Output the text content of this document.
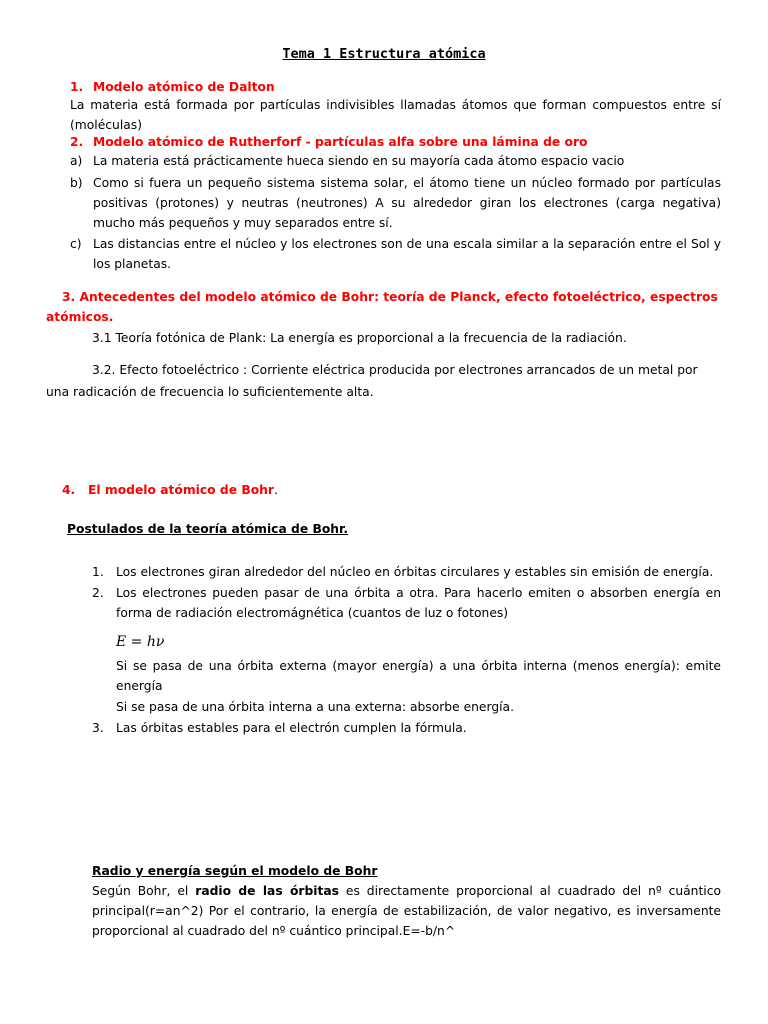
Tema 1 Estructura atómica
1. Modelo atómico de Dalton
La materia está formada por partículas indivisibles llamadas átomos que forman compuestos entre sí (moléculas)
2. Modelo atómico de Rutherforf - partículas alfa sobre una lámina de oro
a) La materia está prácticamente hueca siendo en su mayoría cada átomo espacio vacio
b) Como si fuera un pequeño sistema sistema solar, el átomo tiene un núcleo formado por partículas positivas (protones) y neutras (neutrones) A su alrededor giran los electrones (carga negativa) mucho más pequeños y muy separados entre sí.
c) Las distancias entre el núcleo y los electrones son de una escala similar a la separación entre el Sol y los planetas.
3. Antecedentes del modelo atómico de Bohr: teoría de Planck, efecto fotoeléctrico, espectros
atómicos.
3.1 Teoría fotónica de Plank: La energía es proporcional a la frecuencia de la radiación.
3.2. Efecto fotoeléctrico : Corriente eléctrica producida por electrones arrancados de un metal por
una radicación de frecuencia lo suficientemente alta.
4. El modelo atómico de Bohr.
Postulados de la teoría atómica de Bohr.
1. Los electrones giran alrededor del núcleo en órbitas circulares y estables sin emisión de energía.
2. Los electrones pueden pasar de una órbita a otra. Para hacerlo emiten o absorben energía en forma de radiación electromágnética (cuantos de luz o fotones)
E = hν
Si se pasa de una órbita externa (mayor energía) a una órbita interna (menos energía): emite energía
Si se pasa de una órbita interna a una externa: absorbe energía.
3. Las órbitas estables para el electrón cumplen la fórmula.
Radio y energía según el modelo de Bohr
Según Bohr, el radio de las órbitas es directamente proporcional al cuadrado del nº cuántico principal(r=an^2) Por el contrario, la energía de estabilización, de valor negativo, es inversamente proporcional al cuadrado del nº cuántico principal.E=-b/n^
